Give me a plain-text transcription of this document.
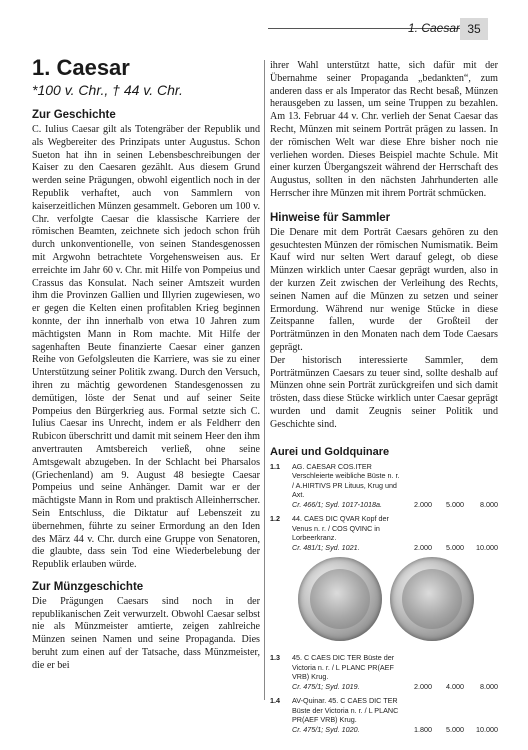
1. Caesar 35
1. Caesar
*100 v. Chr., † 44 v. Chr.
Zur Geschichte

C. Iulius Caesar gilt als Totengräber der Republik und als Wegbereiter des Prinzipats unter Augustus. Schon Sueton hat ihn in seinen Lebensbeschreibungen der Kaiser zu den Caesaren gezählt. Aus diesem Grund werden seine Prägungen, obwohl eigentlich noch in der Republik verhaftet, auch von Sammlern von kaiserzeitlichen Münzen gesammelt. Geboren um 100 v. Chr. verfolgte Caesar die klassische Karriere der römischen Beamten, zeichnete sich jedoch schon früh durch unkonventionelle, von seinen Standesgenossen mit Argwohn betrachtete Vorgehensweisen aus. Er erreichte im Jahr 60 v. Chr. mit Hilfe von Pompeius und Crassus das Konsulat. Nach seiner Amtszeit wurden ihm die Provinzen Gallien und Illyrien zugewiesen, wo er gegen die Kelten einen profitablen Krieg beginnen konnte, der ihn innerhalb von etwa 10 Jahren zum mächtigsten Mann in Rom machte. Mit Hilfe der sagenhaften Beute finanzierte Caesar einer ganzen Reihe von Gefolgsleuten die Karriere, was sie zu einer Unterstützung seiner Politik zwang. Durch den Versuch, ihren zu mächtig gewordenen Standesgenossen zu demütigen, löste der Senat und auf seiner Seite Pompeius den Bürgerkrieg aus. Formal setzte sich C. Iulius Caesar ins Unrecht, indem er als Feldherr den Rubicon überschritt und damit mit seinem Heer den ihm anvertrauten Amtsbereich verließ, ohne seine Amtsgewalt abzugeben. In der Schlacht bei Pharsalos (Griechenland) am 9. August 48 besiegte Caesar Pompeius und seine Anhänger. Damit war er der mächtigste Mann in Rom und praktisch Alleinherrscher. Sein Entschluss, die Diktatur auf Lebenszeit zu übernehmen, führte zu seiner Ermordung an den Iden des März 44 v. Chr. durch eine Gruppe von Senatoren, die glaubte, dass sein Tod eine Wiederbelebung der Republik erlauben würde.

Zur Münzgeschichte

Die Prägungen Caesars sind noch in der republikanischen Zeit verwurzelt. Obwohl Caesar selbst nie als Münzmeister amtierte, zeigen zahlreiche Münzen seinen Namen und seine Propaganda. Dies beruht zum einen auf der Tatsache, dass Münzmeister, die er bei

ihrer Wahl unterstützt hatte, sich dafür mit der Übernahme seiner Propaganda „bedankten“, zum anderen dass er als Imperator das Recht besaß, Münzen herausgeben zu lassen, um seine Truppen zu bezahlen. Am 13. Februar 44 v. Chr. verlieh der Senat Caesar das Recht, Münzen mit seinem Porträt prägen zu lassen. In der römischen Welt war diese Ehre bisher noch nie verliehen worden. Dieses Beispiel machte Schule. Mit einer kurzen Übergangszeit während der Herrschaft des Augustus, sollten in den nächsten Jahrhunderten alle Herrscher ihre Münzen mit ihrem Porträt schmücken.

Hinweise für Sammler

Die Denare mit dem Porträt Caesars gehören zu den gesuchtesten Münzen der römischen Numismatik. Beim Kauf wird nur selten Wert darauf gelegt, ob diese Münzen wirklich unter Caesar geprägt wurden, also in der kurzen Zeit zwischen der Verleihung des Rechts, seinen Namen auf die Münzen zu setzen und seiner Ermordung. Während nur wenige Stücke in diese Zeitspanne fallen, wurde der Großteil der Porträtmünzen in den Monaten nach dem Tode Caesars geprägt.

Der historisch interessierte Sammler, dem Porträtmünzen Caesars zu teuer sind, sollte deshalb auf Münzen ohne sein Porträt zurückgreifen und sich damit trösten, dass diese Stücke wirklich unter Caesar geprägt wurden und damit Zeugnis seiner Politik und Geschichte sind.

Aurei und Goldquinare
1.1	AG. CAESAR COS.ITER Verschleierte weibliche Büste n. r. / A.HIRTIVS PR Lituus, Krug und Axt.
Cr. 466/1; Syd. 1017-1018a.	2.000	5.000	8.000
1.2	44. CAES DIC QVAR Kopf der Venus n. r. / COS QVINC in Lorbeerkranz.
Cr. 481/1; Syd. 1021.	2.000	5.000	10.000
1.3	45. C CAES DIC TER Büste der Victoria n. r. / L PLANC PR(AEF VRB) Krug.
Cr. 475/1; Syd. 1019.	2.000	4.000	8.000
1.4	AV-Quinar. 45. C CAES DIC TER Büste der Victoria n. r. / L PLANC PR(AEF VRB) Krug.
Cr. 475/1; Syd. 1020.	1.800	5.000	10.000
